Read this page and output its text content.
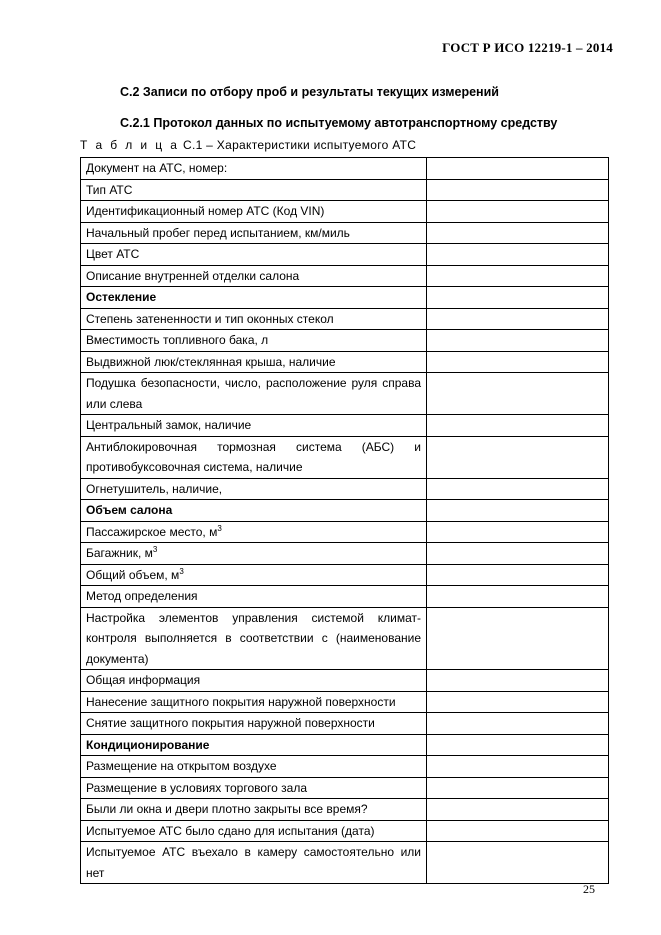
ГОСТ Р ИСО 12219-1 – 2014
С.2 Записи по отбору проб и результаты текущих измерений
С.2.1 Протокол данных по испытуемому автотранспортному средству
Т а б л и ц а С.1 – Характеристики испытуемого АТС
Документ на АТС, номер:	
Тип АТС	
Идентификационный номер АТС (Код VIN)	
Начальный пробег перед испытанием, км/миль	
Цвет АТС	
Описание внутренней отделки салона	
Остекление	
Степень затененности и тип оконных стекол	
Вместимость топливного бака, л	
Выдвижной люк/стеклянная крыша, наличие	
Подушка безопасности, число, расположение руля справа или слева	
Центральный замок, наличие	
Антиблокировочная тормозная система (АБС) и противобуксовочная система, наличие	
Огнетушитель, наличие,	
Объем салона	
Пассажирское место, $м^3$	
Багажник, $м^3$	
Общий объем, $м^3$	
Метод определения	
Настройка элементов управления системой климат-контроля выполняется в соответствии с (наименование документа)	
Общая информация	
Нанесение защитного покрытия наружной поверхности	
Снятие защитного покрытия наружной поверхности	
Кондиционирование	
Размещение на открытом воздухе	
Размещение в условиях торгового зала	
Были ли окна и двери плотно закрыты все время?	
Испытуемое АТС было сдано для испытания (дата)	
Испытуемое АТС въехало в камеру самостоятельно или нет	
25
